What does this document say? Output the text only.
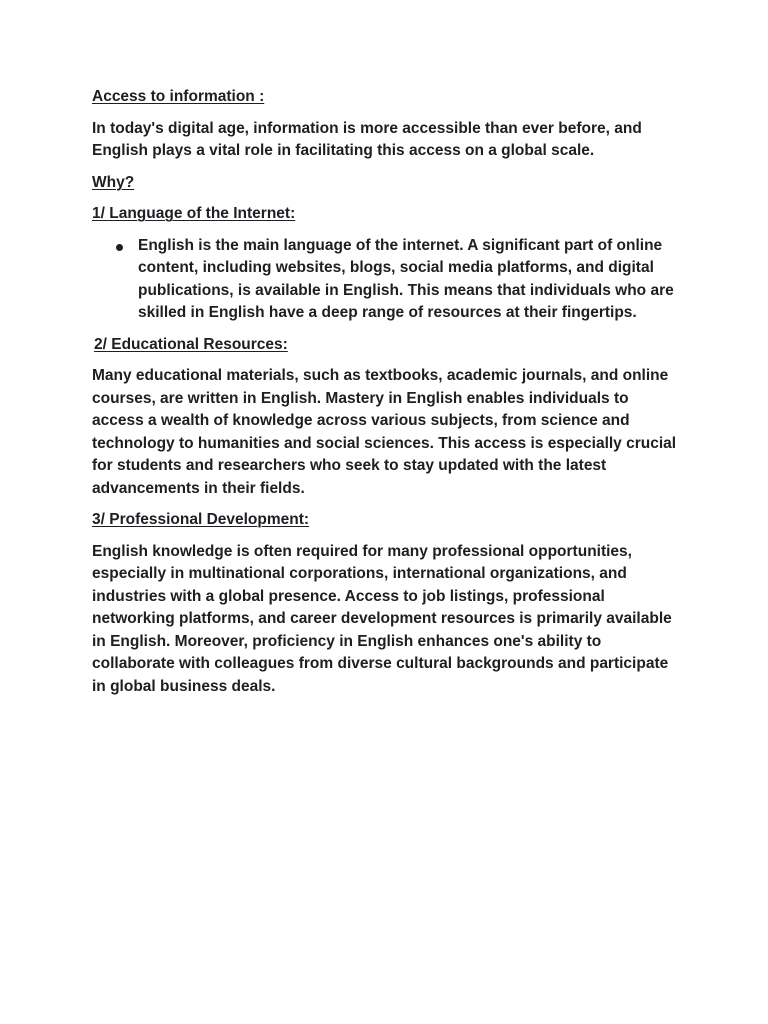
Access to information :
In today's digital age, information is more accessible than ever before, and English plays a vital role in facilitating this access on a global scale.
Why?
1/ Language of the Internet:
English is the main language of the internet. A significant part of online content, including websites, blogs, social media platforms, and digital publications, is available in English. This means that individuals who are skilled in English have a deep range of resources at their fingertips.
2/ Educational Resources:
Many educational materials, such as textbooks, academic journals, and online courses, are written in English. Mastery in English enables individuals to access a wealth of knowledge across various subjects, from science and technology to humanities and social sciences. This access is especially crucial for students and researchers who seek to stay updated with the latest advancements in their fields.
3/ Professional Development:
English knowledge is often required for many professional opportunities, especially in multinational corporations, international organizations, and industries with a global presence. Access to job listings, professional networking platforms, and career development resources is primarily available in English. Moreover, proficiency in English enhances one's ability to collaborate with colleagues from diverse cultural backgrounds and participate in global business deals.
